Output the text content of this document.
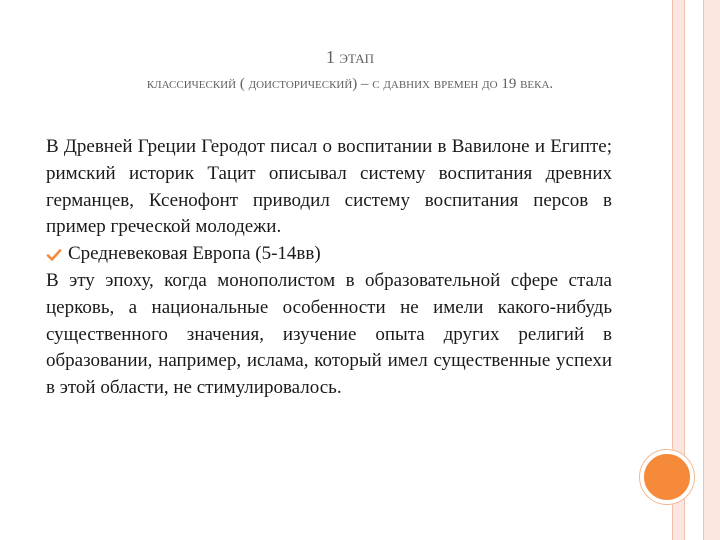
1 этап
классический ( доисторический) – с давних времен до 19 века.

В Древней Греции Геродот писал о воспитании в Вавилоне и Египте; римский историк Тацит описывал систему воспитания древних германцев, Ксенофонт приводил систему воспитания персов в пример греческой молодежи.

Средневековая Европа (5-14вв)

В эту эпоху, когда монополистом в образовательной сфере стала церковь, а национальные особенности не имели какого-нибудь существенного значения, изучение опыта других религий в образовании, например, ислама, который имел существенные успехи в этой области, не стимулировалось.
